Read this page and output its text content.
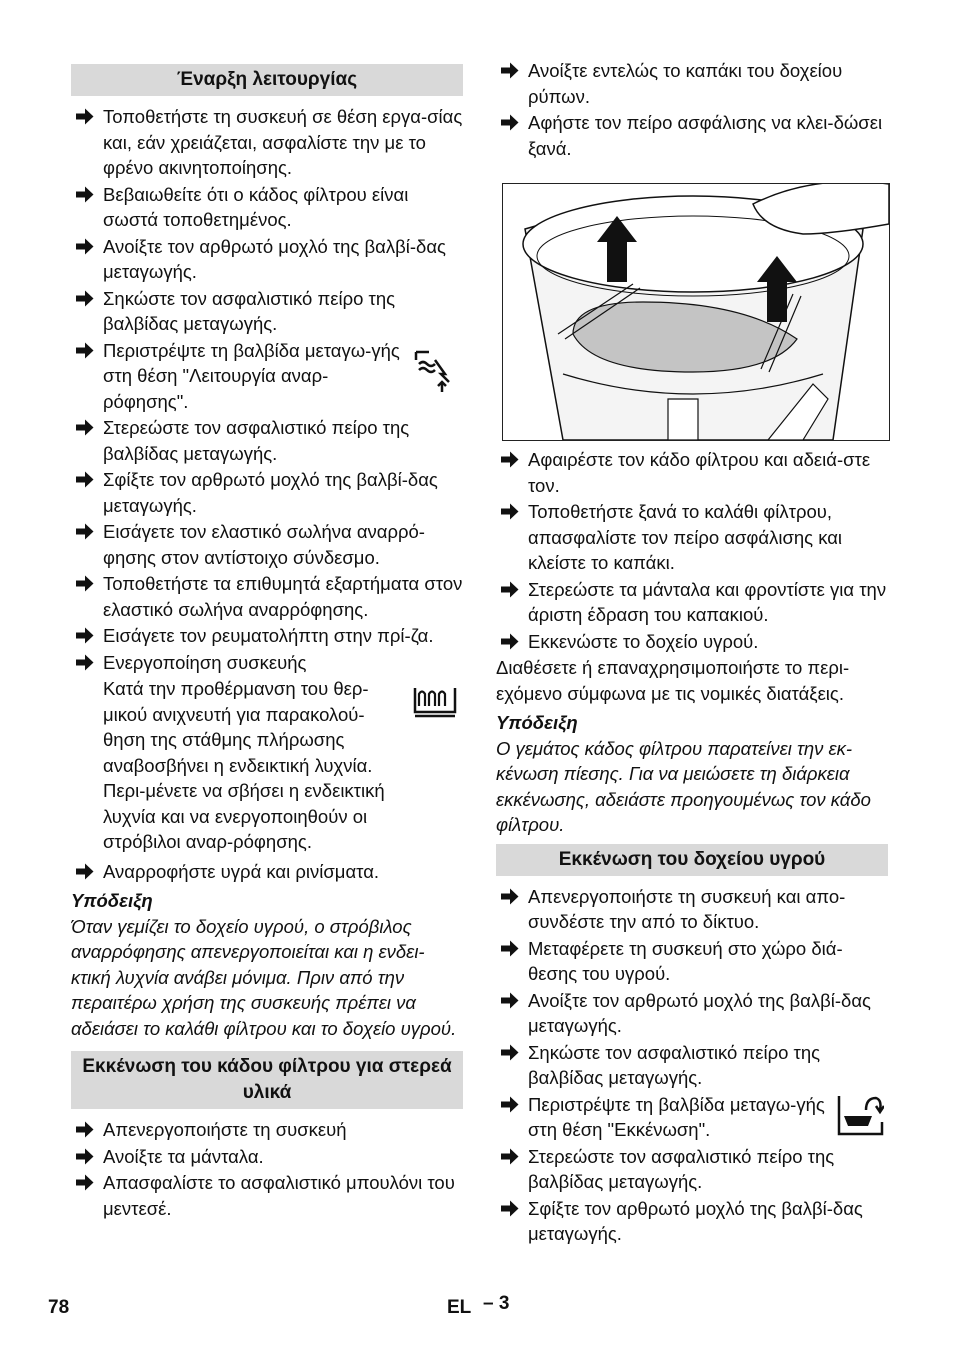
Έναρξη λειτουργίας
Τοποθετήστε τη συσκευή σε θέση εργα-σίας και, εάν χρειάζεται, ασφαλίστε την με το φρένο ακινητοποίησης.
Βεβαιωθείτε ότι ο κάδος φίλτρου είναι σωστά τοποθετημένος.
Ανοίξτε τον αρθρωτό μοχλό της βαλβί-δας μεταγωγής.
Σηκώστε τον ασφαλιστικό πείρο της βαλβίδας μεταγωγής.
Περιστρέψτε τη βαλβίδα μεταγω-γής στη θέση "Λειτουργία αναρ-ρόφησης".
Στερεώστε τον ασφαλιστικό πείρο της βαλβίδας μεταγωγής.
Σφίξτε τον αρθρωτό μοχλό της βαλβί-δας μεταγωγής.
Εισάγετε τον ελαστικό σωλήνα αναρρό-φησης στον αντίστοιχο σύνδεσμο.
Τοποθετήστε τα επιθυμητά εξαρτήματα στον ελαστικό σωλήνα αναρρόφησης.
Εισάγετε τον ρευματολήπτη στην πρί-ζα.
Ενεργοποίηση συσκευής
Κατά την προθέρμανση του θερ-μικού ανιχνευτή για παρακολού-θηση της στάθμης πλήρωσης αναβοσβήνει η ενδεικτική λυχνία. Περι-μένετε να σβήσει η ενδεικτική λυχνία και να ενεργοποιηθούν οι στρόβιλοι αναρ-ρόφησης.
Αναρροφήστε υγρά και ρινίσματα.
Υπόδειξη
Όταν γεμίζει το δοχείο υγρού, ο στρόβιλος αναρρόφησης απενεργοποιείται και η ενδει-κτική λυχνία ανάβει μόνιμα. Πριν από την περαιτέρω χρήση της συσκευής πρέπει να αδειάσει το καλάθι φίλτρου και το δοχείο υγρού.
Εκκένωση του κάδου φίλτρου για στερεά υλικά
Απενεργοποιήστε τη συσκευή
Ανοίξτε τα μάνταλα.
Απασφαλίστε το ασφαλιστικό μπουλόνι του μεντεσέ.
Ανοίξτε εντελώς το καπάκι του δοχείου ρύπων.
Αφήστε τον πείρο ασφάλισης να κλει-δώσει ξανά.
Αφαιρέστε τον κάδο φίλτρου και αδειά-στε τον.
Τοποθετήστε ξανά το καλάθι φίλτρου, απασφαλίστε τον πείρο ασφάλισης και κλείστε το καπάκι.
Στερεώστε τα μάνταλα και φροντίστε για την άριστη έδραση του καπακιού.
Εκκενώστε το δοχείο υγρού.
Διαθέσετε ή επαναχρησιμοποιήστε το περι-εχόμενο σύμφωνα με τις νομικές διατάξεις.
Υπόδειξη
Ο γεμάτος κάδος φίλτρου παρατείνει την εκ-κένωση πίεσης. Για να μειώσετε τη διάρκεια εκκένωσης, αδειάστε προηγουμένως τον κάδο φίλτρου.
Εκκένωση του δοχείου υγρού
Απενεργοποιήστε τη συσκευή και απο-συνδέστε την από το δίκτυο.
Μεταφέρετε τη συσκευή στο χώρο διά-θεσης του υγρού.
Ανοίξτε τον αρθρωτό μοχλό της βαλβί-δας μεταγωγής.
Σηκώστε τον ασφαλιστικό πείρο της βαλβίδας μεταγωγής.
Περιστρέψτε τη βαλβίδα μεταγω-γής στη θέση "Εκκένωση".
Στερεώστε τον ασφαλιστικό πείρο της βαλβίδας μεταγωγής.
Σφίξτε τον αρθρωτό μοχλό της βαλβί-δας μεταγωγής.
78	EL – 3
